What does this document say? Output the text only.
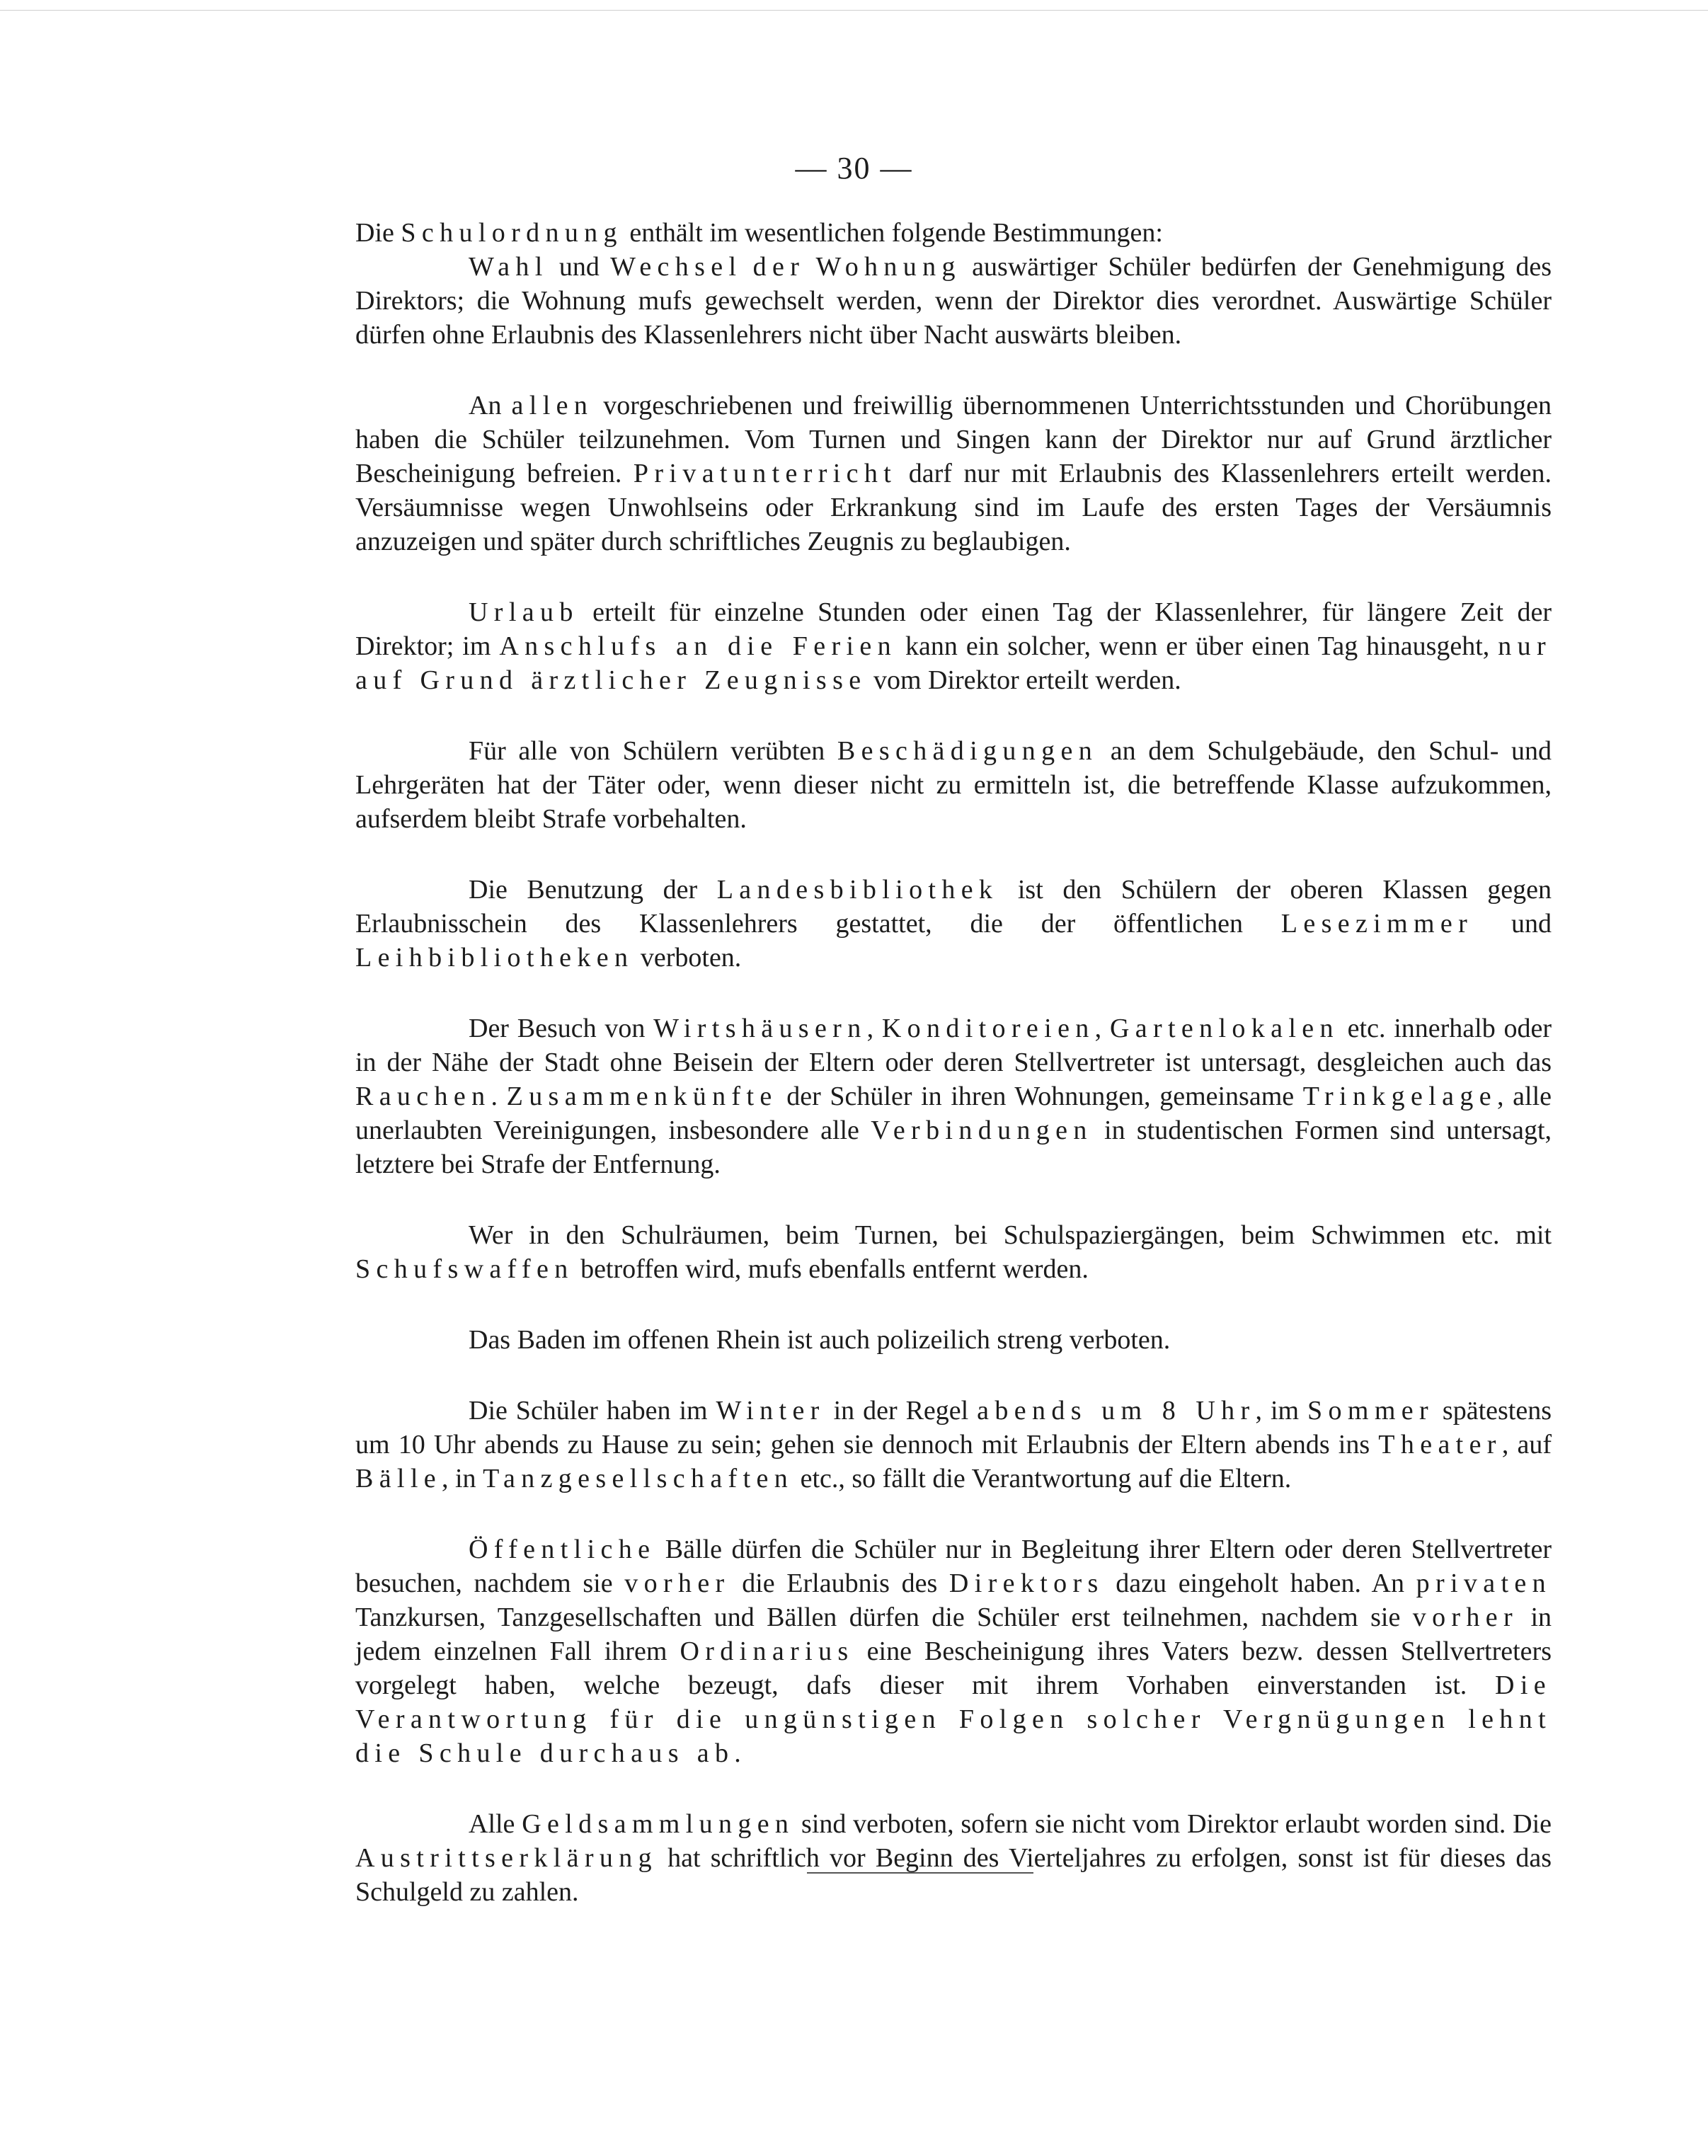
— 30 —

Die Schulordnung enthält im wesentlichen folgende Bestimmungen:

Wahl und Wechsel der Wohnung auswärtiger Schüler bedürfen der Genehmigung des Direktors; die Wohnung mufs gewechselt werden, wenn der Direktor dies verordnet. Auswärtige Schüler dürfen ohne Erlaubnis des Klassenlehrers nicht über Nacht auswärts bleiben.

An allen vorgeschriebenen und freiwillig übernommenen Unterrichtsstunden und Chorübungen haben die Schüler teilzunehmen. Vom Turnen und Singen kann der Direktor nur auf Grund ärztlicher Bescheinigung befreien. Privatunterricht darf nur mit Erlaubnis des Klassenlehrers erteilt werden. Versäumnisse wegen Unwohlseins oder Erkrankung sind im Laufe des ersten Tages der Versäumnis anzuzeigen und später durch schriftliches Zeugnis zu beglaubigen.

Urlaub erteilt für einzelne Stunden oder einen Tag der Klassenlehrer, für längere Zeit der Direktor; im Anschlufs an die Ferien kann ein solcher, wenn er über einen Tag hinausgeht, nur auf Grund ärztlicher Zeugnisse vom Direktor erteilt werden.

Für alle von Schülern verübten Beschädigungen an dem Schulgebäude, den Schul- und Lehrgeräten hat der Täter oder, wenn dieser nicht zu ermitteln ist, die betreffende Klasse aufzukommen, aufserdem bleibt Strafe vorbehalten.

Die Benutzung der Landesbibliothek ist den Schülern der oberen Klassen gegen Erlaubnisschein des Klassenlehrers gestattet, die der öffentlichen Lesezimmer und Leihbibliotheken verboten.

Der Besuch von Wirtshäusern, Konditoreien, Gartenlokalen etc. innerhalb oder in der Nähe der Stadt ohne Beisein der Eltern oder deren Stellvertreter ist untersagt, desgleichen auch das Rauchen. Zusammenkünfte der Schüler in ihren Wohnungen, gemeinsame Trinkgelage, alle unerlaubten Vereinigungen, insbesondere alle Verbindungen in studentischen Formen sind untersagt, letztere bei Strafe der Entfernung.

Wer in den Schulräumen, beim Turnen, bei Schulspaziergängen, beim Schwimmen etc. mit Schufswaffen betroffen wird, mufs ebenfalls entfernt werden.

Das Baden im offenen Rhein ist auch polizeilich streng verboten.

Die Schüler haben im Winter in der Regel abends um 8 Uhr, im Sommer spätestens um 10 Uhr abends zu Hause zu sein; gehen sie dennoch mit Erlaubnis der Eltern abends ins Theater, auf Bälle, in Tanzgesellschaften etc., so fällt die Verantwortung auf die Eltern.

Öffentliche Bälle dürfen die Schüler nur in Begleitung ihrer Eltern oder deren Stellvertreter besuchen, nachdem sie vorher die Erlaubnis des Direktors dazu eingeholt haben. An privaten Tanzkursen, Tanzgesellschaften und Bällen dürfen die Schüler erst teilnehmen, nachdem sie vorher in jedem einzelnen Fall ihrem Ordinarius eine Bescheinigung ihres Vaters bezw. dessen Stellvertreters vorgelegt haben, welche bezeugt, dafs dieser mit ihrem Vorhaben einverstanden ist. Die Verantwortung für die ungünstigen Folgen solcher Vergnügungen lehnt die Schule durchaus ab.

Alle Geldsammlungen sind verboten, sofern sie nicht vom Direktor erlaubt worden sind. Die Austrittserklärung hat schriftlich vor Beginn des Vierteljahres zu erfolgen, sonst ist für dieses das Schulgeld zu zahlen.
